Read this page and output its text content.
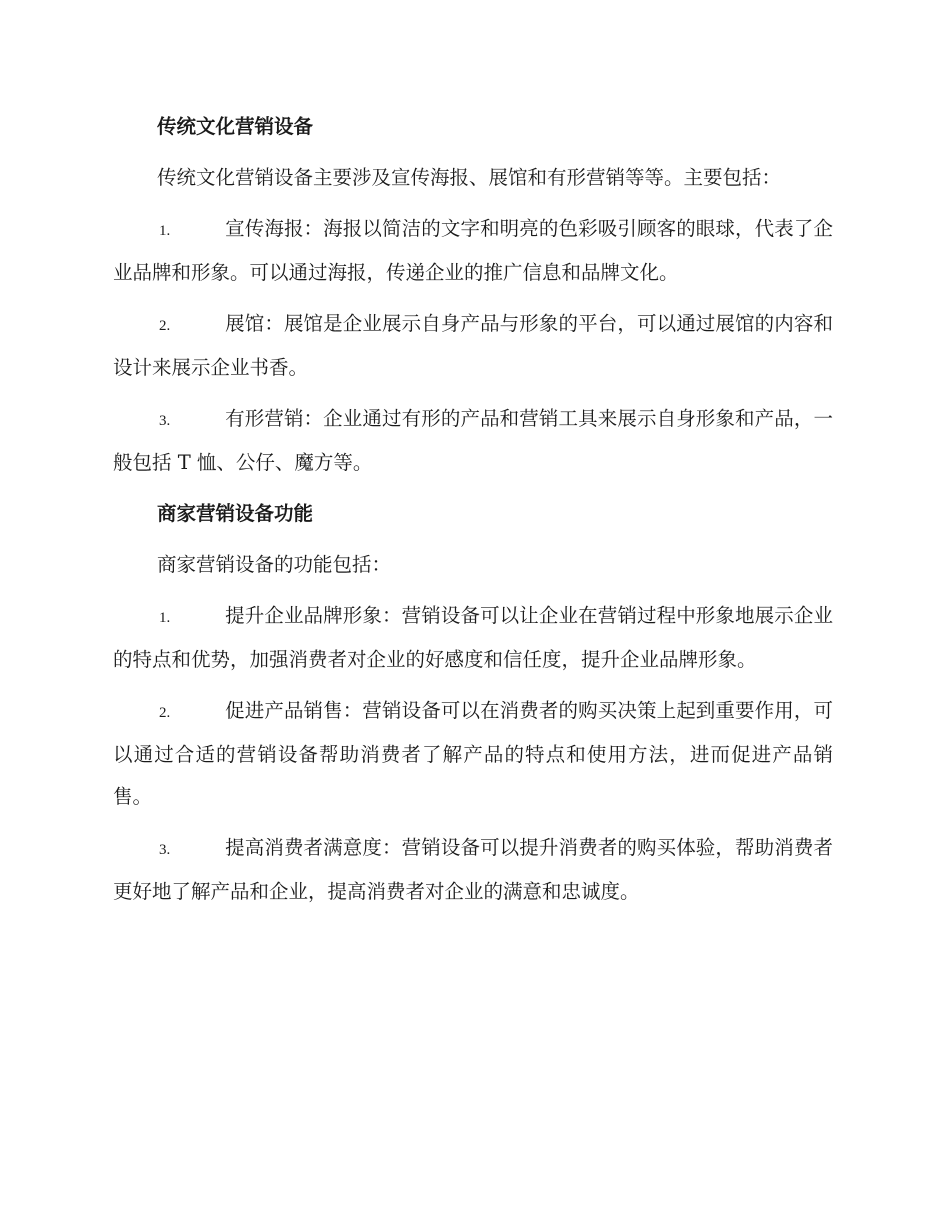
传统文化营销设备
传统文化营销设备主要涉及宣传海报、展馆和有形营销等等。主要包括：
1.	宣传海报：海报以简洁的文字和明亮的色彩吸引顾客的眼球，代表了企业品牌和形象。可以通过海报，传递企业的推广信息和品牌文化。
2.	展馆：展馆是企业展示自身产品与形象的平台，可以通过展馆的内容和设计来展示企业书香。
3.	有形营销：企业通过有形的产品和营销工具来展示自身形象和产品，一般包括 T 恤、公仔、魔方等。
商家营销设备功能
商家营销设备的功能包括：
1.	提升企业品牌形象：营销设备可以让企业在营销过程中形象地展示企业的特点和优势，加强消费者对企业的好感度和信任度，提升企业品牌形象。
2.	促进产品销售：营销设备可以在消费者的购买决策上起到重要作用，可以通过合适的营销设备帮助消费者了解产品的特点和使用方法，进而促进产品销售。
3.	提高消费者满意度：营销设备可以提升消费者的购买体验，帮助消费者更好地了解产品和企业，提高消费者对企业的满意和忠诚度。
